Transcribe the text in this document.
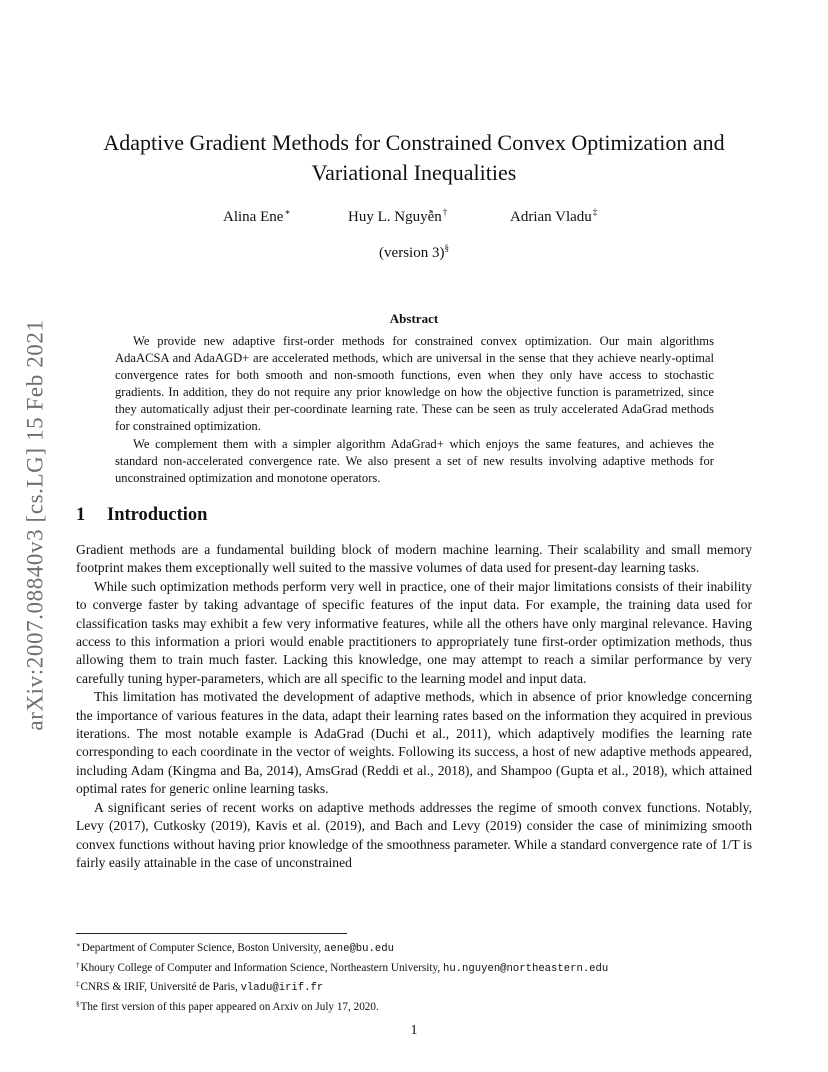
arXiv:2007.08840v3 [cs.LG] 15 Feb 2021
Adaptive Gradient Methods for Constrained Convex Optimization and Variational Inequalities
Alina Ene∗	Huy L. Nguyễn†	Adrian Vladu‡
(version 3)§
Abstract

We provide new adaptive first-order methods for constrained convex optimization. Our main algorithms AdaACSA and AdaAGD+ are accelerated methods, which are universal in the sense that they achieve nearly-optimal convergence rates for both smooth and non-smooth functions, even when they only have access to stochastic gradients. In addition, they do not require any prior knowledge on how the objective function is parametrized, since they automatically adjust their per-coordinate learning rate. These can be seen as truly accelerated AdaGrad methods for constrained optimization.

We complement them with a simpler algorithm AdaGrad+ which enjoys the same features, and achieves the standard non-accelerated convergence rate. We also present a set of new results involving adaptive methods for unconstrained optimization and monotone operators.

1 Introduction

Gradient methods are a fundamental building block of modern machine learning. Their scalability and small memory footprint makes them exceptionally well suited to the massive volumes of data used for present-day learning tasks.

While such optimization methods perform very well in practice, one of their major limitations consists of their inability to converge faster by taking advantage of specific features of the input data. For example, the training data used for classification tasks may exhibit a few very informative features, while all the others have only marginal relevance. Having access to this information a priori would enable practitioners to appropriately tune first-order optimization methods, thus allowing them to train much faster. Lacking this knowledge, one may attempt to reach a similar performance by very carefully tuning hyper-parameters, which are all specific to the learning model and input data.

This limitation has motivated the development of adaptive methods, which in absence of prior knowledge concerning the importance of various features in the data, adapt their learning rates based on the information they acquired in previous iterations. The most notable example is AdaGrad (Duchi et al., 2011), which adaptively modifies the learning rate corresponding to each coordinate in the vector of weights. Following its success, a host of new adaptive methods appeared, including Adam (Kingma and Ba, 2014), AmsGrad (Reddi et al., 2018), and Shampoo (Gupta et al., 2018), which attained optimal rates for generic online learning tasks.

A significant series of recent works on adaptive methods addresses the regime of smooth convex functions. Notably, Levy (2017), Cutkosky (2019), Kavis et al. (2019), and Bach and Levy (2019) consider the case of minimizing smooth convex functions without having prior knowledge of the smoothness parameter. While a standard convergence rate of 1/T is fairly easily attainable in the case of unconstrained

∗Department of Computer Science, Boston University, aene@bu.edu
†Khoury College of Computer and Information Science, Northeastern University, hu.nguyen@northeastern.edu
‡CNRS & IRIF, Université de Paris, vladu@irif.fr
§The first version of this paper appeared on Arxiv on July 17, 2020.
1
